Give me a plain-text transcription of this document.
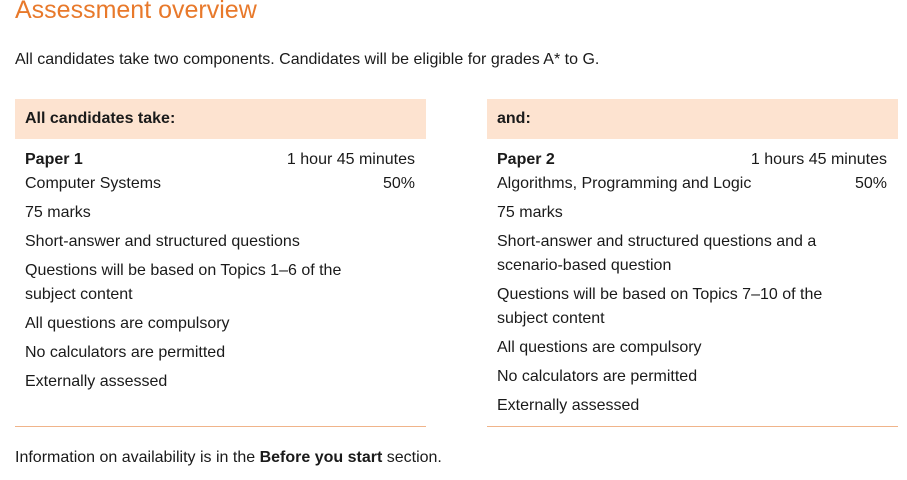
Assessment overview
All candidates take two components. Candidates will be eligible for grades A* to G.
All candidates take:
Paper 1	1 hour 45 minutes
Computer Systems	50%
75 marks
Short-answer and structured questions
Questions will be based on Topics 1–6 of the subject content
All questions are compulsory
No calculators are permitted
Externally assessed
and:
Paper 2	1 hours 45 minutes
Algorithms, Programming and Logic	50%
75 marks
Short-answer and structured questions and a scenario-based question
Questions will be based on Topics 7–10 of the subject content
All questions are compulsory
No calculators are permitted
Externally assessed
Information on availability is in the Before you start section.
